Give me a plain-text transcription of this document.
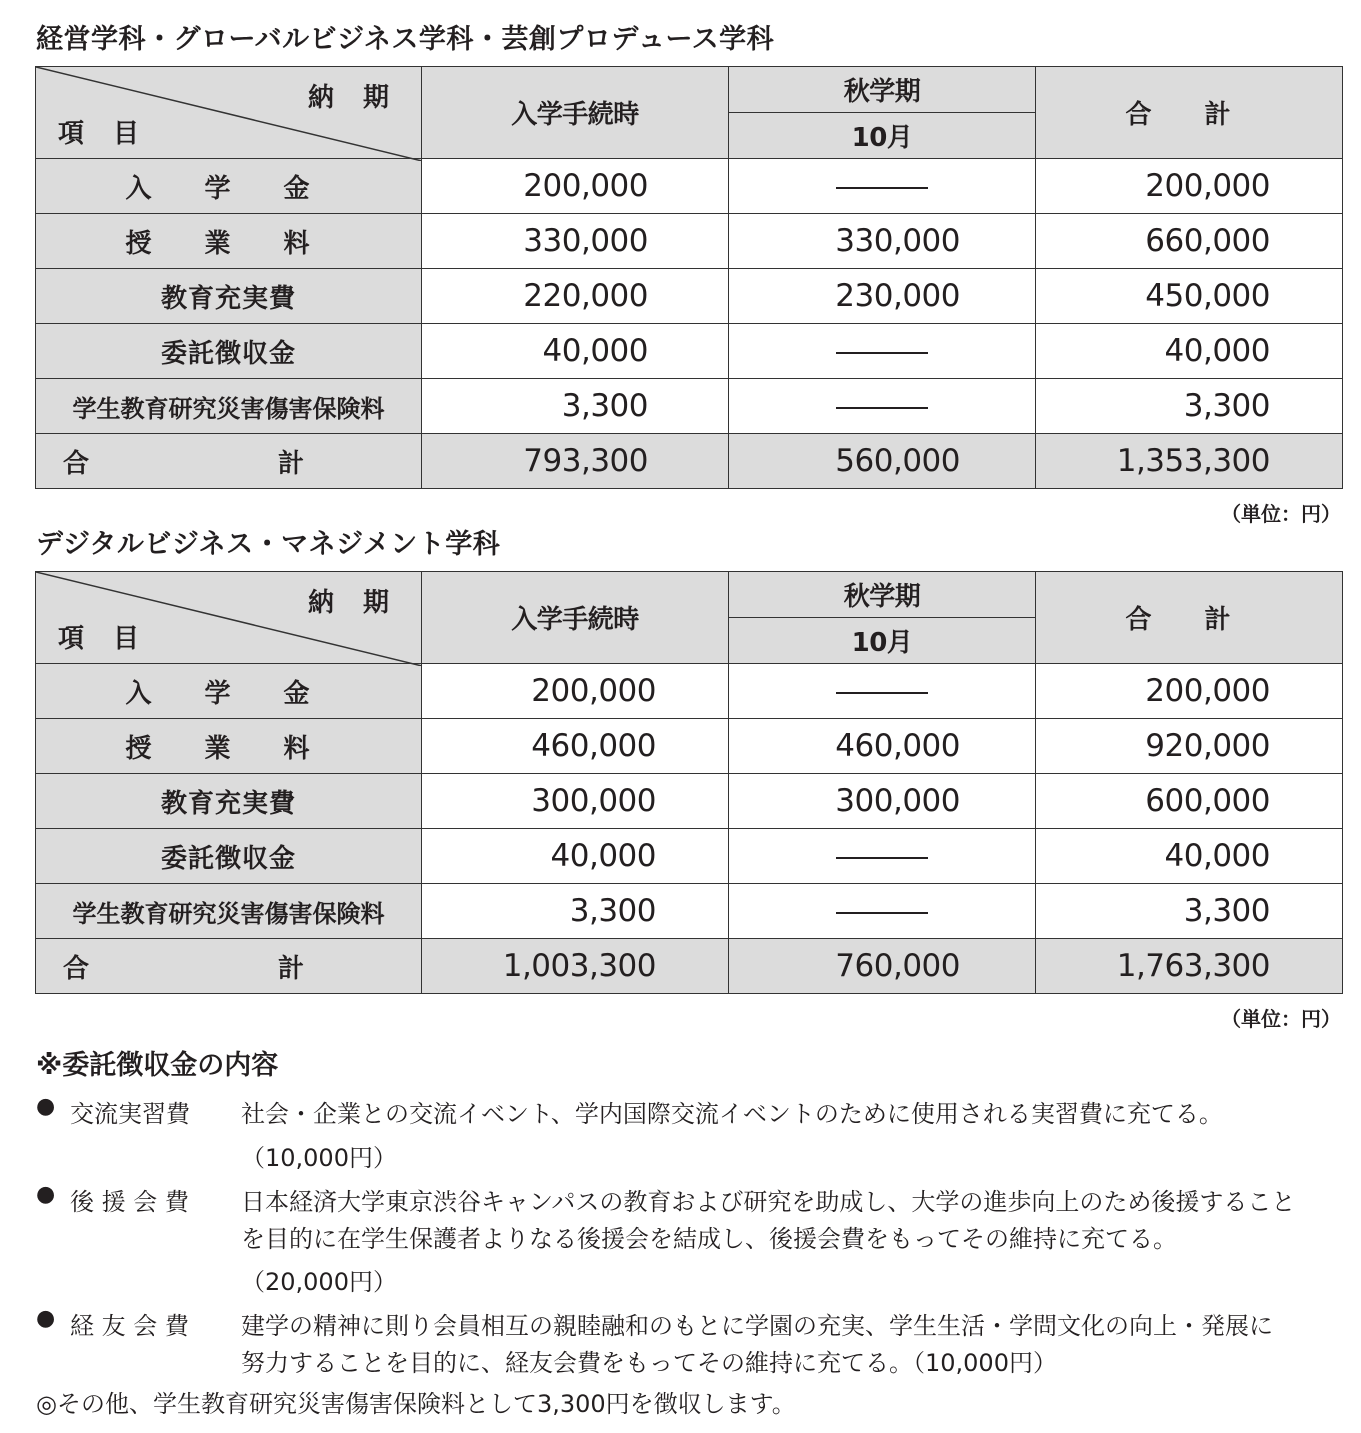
経営学科・グローバルビジネス学科・芸創プロデュース学科
納 期
項 目	入学手続時	秋学期	合 計
		10月	
入 学 金	200,000		200,000
授 業 料	330,000	330,000	660,000
教育充実費	220,000	230,000	450,000
委託徴収金	40,000		40,000
学生教育研究災害傷害保険料	3,300		3,300
合 計	793,300	560,000	1,353,300
（単位：円）
デジタルビジネス・マネジメント学科
納 期
項 目	入学手続時	秋学期	合 計
		10月	
入 学 金	200,000		200,000
授 業 料	460,000	460,000	920,000
教育充実費	300,000	300,000	600,000
委託徴収金	40,000		40,000
学生教育研究災害傷害保険料	3,300		3,300
合 計	1,003,300	760,000	1,763,300
（単位：円）
※委託徴収金の内容
● 交流実習費 社会・企業との交流イベント、学内国際交流イベントのために使用される実習費に充てる。
（10,000円）
● 後 援 会 費 日本経済大学東京渋谷キャンパスの教育および研究を助成し、大学の進歩向上のため後援すること
を目的に在学生保護者よりなる後援会を結成し、後援会費をもってその維持に充てる。
（20,000円）
● 経 友 会 費 建学の精神に則り会員相互の親睦融和のもとに学園の充実、学生生活・学問文化の向上・発展に
努力することを目的に、経友会費をもってその維持に充てる。（10,000円）
◎その他、学生教育研究災害傷害保険料として3,300円を徴収します。
